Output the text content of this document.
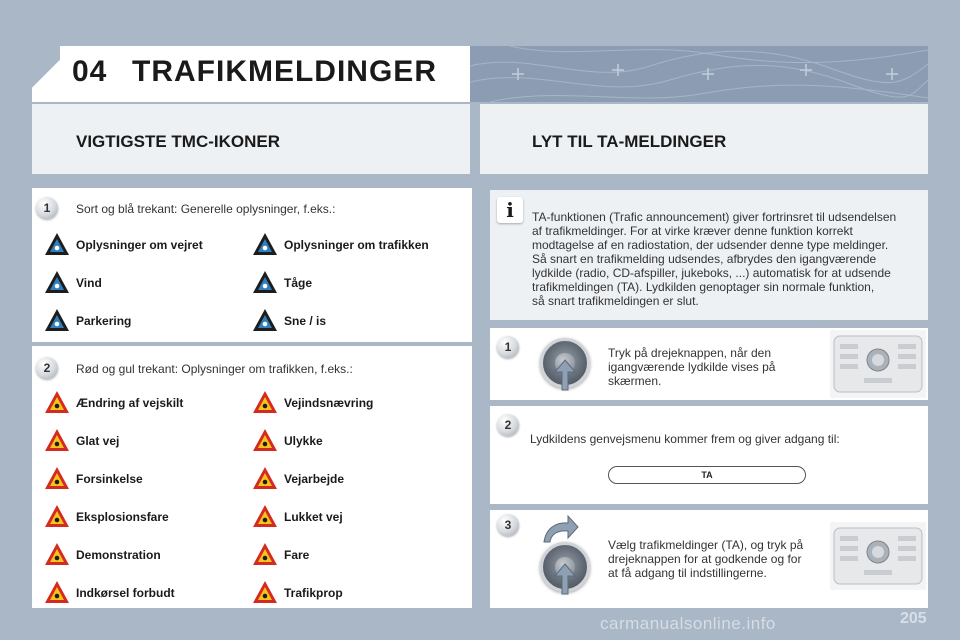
04 TRAFIKMELDINGER
VIGTIGSTE TMC-IKONER	LYT TIL TA-MELDINGER
1	Sort og blå trekant: Generelle oplysninger, f.eks.:
2	Rød og gul trekant: Oplysninger om trafikken, f.eks.:
Oplysninger om vejret	Oplysninger om trafikken
Vind	Tåge
Parkering	Sne / is
Ændring af vejskilt	Vejindsnævring
Glat vej	Ulykke
Forsinkelse	Vejarbejde
Eksplosionsfare	Lukket vej
Demonstration	Fare
Indkørsel forbudt	Trafikprop
i	TA-funktionen (Trafic announcement) giver fortrinsret til udsendelsen
af trafikmeldinger. For at virke kræver denne funktion korrekt
modtagelse af en radiostation, der udsender denne type meldinger.
Så snart en trafikmelding udsendes, afbrydes den igangværende
lydkilde (radio, CD-afspiller, jukeboks, ...) automatisk for at udsende
trafikmeldingen (TA). Lydkilden genoptager sin normale funktion,
så snart trafikmeldingen er slut.
1	Tryk på drejeknappen, når den
igangværende lydkilde vises på
skærmen.
2
Lydkildens genvejsmenu kommer frem og giver adgang til:
TA
3
Vælg trafikmeldinger (TA), og tryk på
drejeknappen for at godkende og for
at få adgang til indstillingerne.
carmanualsonline.info	205
